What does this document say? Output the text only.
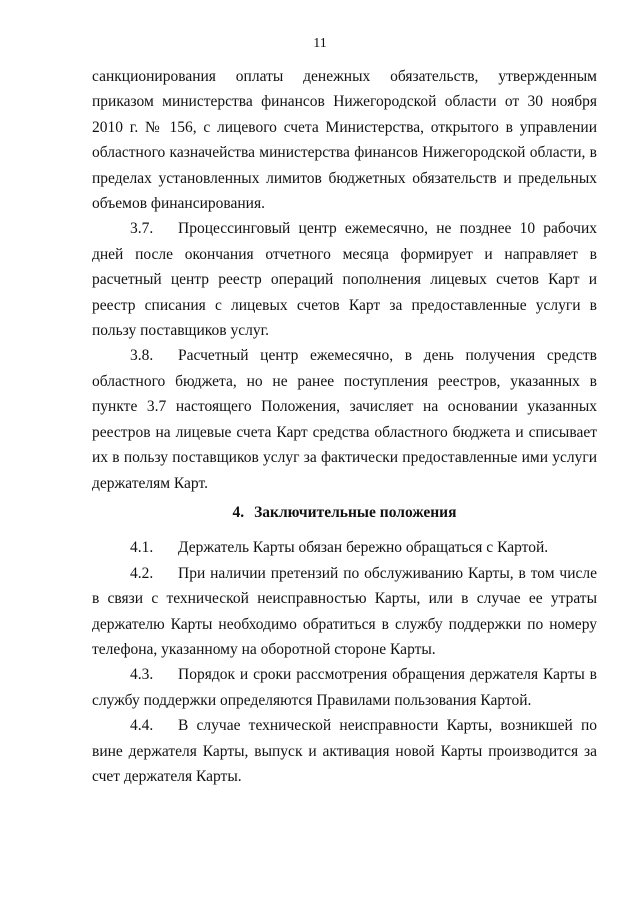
11

санкционирования оплаты денежных обязательств, утвержденным приказом министерства финансов Нижегородской области от 30 ноября 2010 г. № 156, с лицевого счета Министерства, открытого в управлении областного казначейства министерства финансов Нижегородской области, в пределах установленных лимитов бюджетных обязательств и предельных объемов финансирования.

3.7. Процессинговый центр ежемесячно, не позднее 10 рабочих дней после окончания отчетного месяца формирует и направляет в расчетный центр реестр операций пополнения лицевых счетов Карт и реестр списания с лицевых счетов Карт за предоставленные услуги в пользу поставщиков услуг.

3.8. Расчетный центр ежемесячно, в день получения средств областного бюджета, но не ранее поступления реестров, указанных в пункте 3.7 настоящего Положения, зачисляет на основании указанных реестров на лицевые счета Карт средства областного бюджета и списывает их в пользу поставщиков услуг за фактически предоставленные ими услуги держателям Карт.

4. Заключительные положения

4.1. Держатель Карты обязан бережно обращаться с Картой.

4.2. При наличии претензий по обслуживанию Карты, в том числе в связи с технической неисправностью Карты, или в случае ее утраты держателю Карты необходимо обратиться в службу поддержки по номеру телефона, указанному на оборотной стороне Карты.

4.3. Порядок и сроки рассмотрения обращения держателя Карты в службу поддержки определяются Правилами пользования Картой.

4.4. В случае технической неисправности Карты, возникшей по вине держателя Карты, выпуск и активация новой Карты производится за счет держателя Карты.
